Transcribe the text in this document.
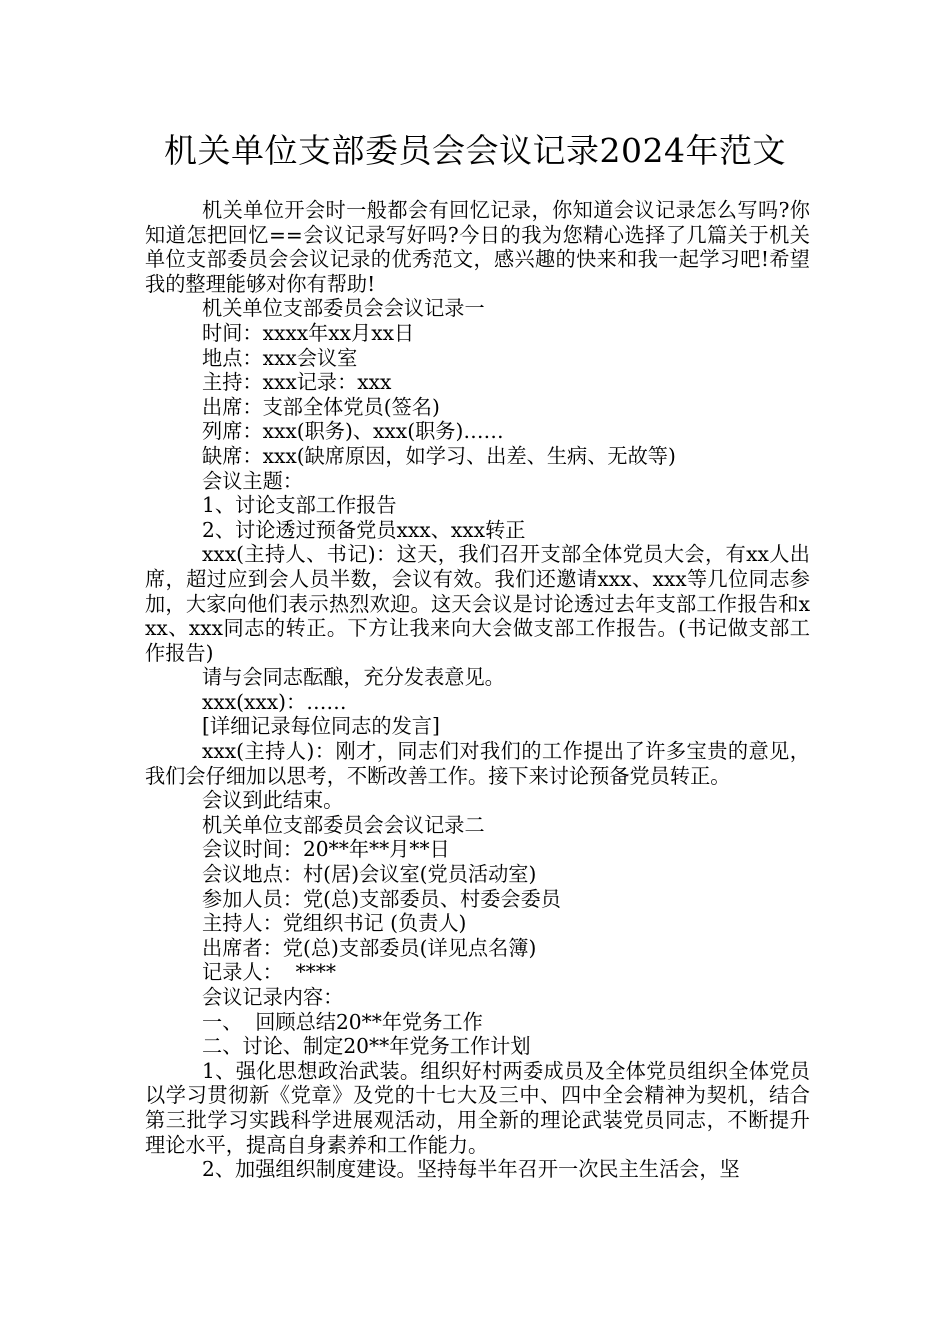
机关单位支部委员会会议记录2024年范文

机关单位开会时一般都会有回忆记录，你知道会议记录怎么写吗?你知道怎把回忆==会议记录写好吗?今日的我为您精心选择了几篇关于机关单位支部委员会会议记录的优秀范文，感兴趣的快来和我一起学习吧!希望我的整理能够对你有帮助!

机关单位支部委员会会议记录一

时间：xxxx年xx月xx日

地点：xxx会议室

主持：xxx记录：xxx

出席：支部全体党员(签名)

列席：xxx(职务)、xxx(职务)……

缺席：xxx(缺席原因，如学习、出差、生病、无故等)

会议主题：

1、讨论支部工作报告

2、讨论透过预备党员xxx、xxx转正

xxx(主持人、书记)：这天，我们召开支部全体党员大会，有xx人出席，超过应到会人员半数，会议有效。我们还邀请xxx、xxx等几位同志参加，大家向他们表示热烈欢迎。这天会议是讨论透过去年支部工作报告和xxx、xxx同志的转正。下方让我来向大会做支部工作报告。(书记做支部工作报告)

请与会同志酝酿，充分发表意见。

xxx(xxx)：……

[详细记录每位同志的发言]

xxx(主持人)：刚才，同志们对我们的工作提出了许多宝贵的意见，我们会仔细加以思考，不断改善工作。接下来讨论预备党员转正。

会议到此结束。

机关单位支部委员会会议记录二

会议时间：20**年**月**日

会议地点：村(居)会议室(党员活动室)

参加人员：党(总)支部委员、村委会委员

主持人：党组织书记 (负责人)

出席者：党(总)支部委员(详见点名簿)

记录人：  ****

会议记录内容：

一、  回顾总结20**年党务工作

二、讨论、制定20**年党务工作计划

1、强化思想政治武装。组织好村两委成员及全体党员组织全体党员以学习贯彻新《党章》及党的十七大及三中、四中全会精神为契机，结合第三批学习实践科学进展观活动，用全新的理论武装党员同志，不断提升理论水平，提高自身素养和工作能力。

2、加强组织制度建设。坚持每半年召开一次民主生活会，坚
